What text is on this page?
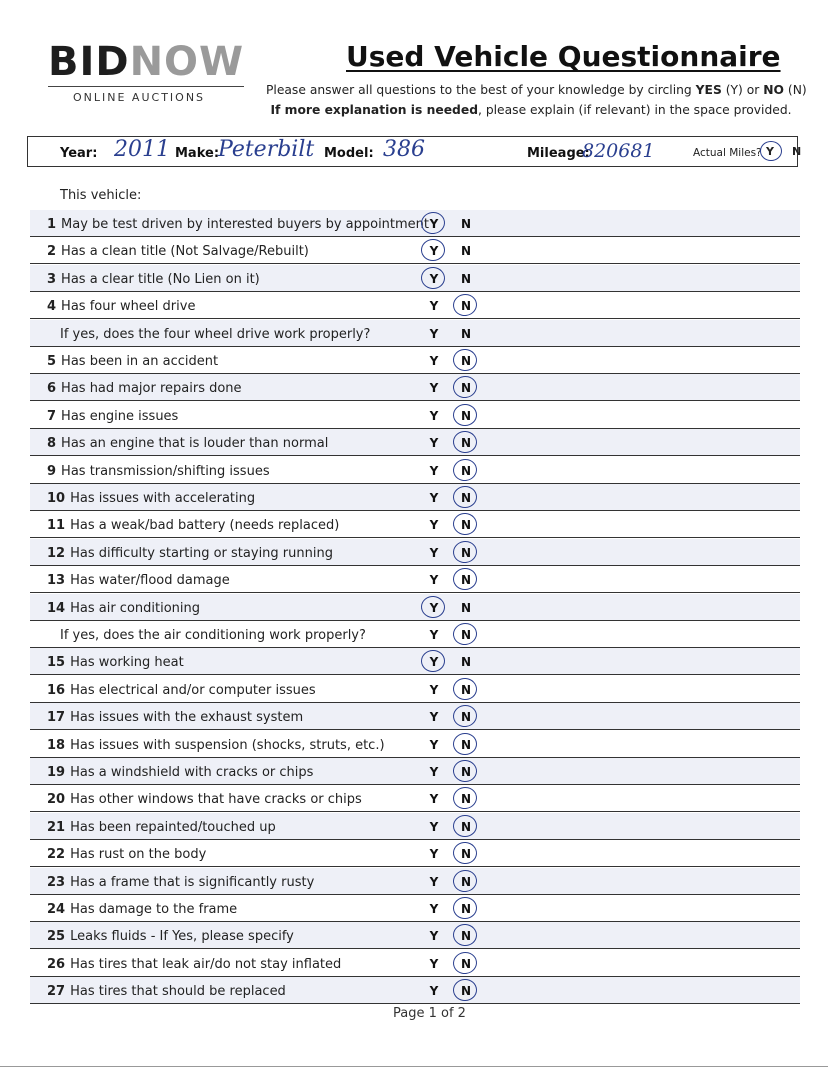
BIDNOW
ONLINE AUCTIONS
Used Vehicle Questionnaire
Please answer all questions to the best of your knowledge by circling YES (Y) or NO (N)
If more explanation is needed, please explain (if relevant) in the space provided.
Year: 2011 Make:
Peterbilt Model: 386	Mileage:
820681	Actual Miles? Y N
This vehicle:
1 May be test driven by interested buyers by appointment Y N
2 Has a clean title (Not Salvage/Rebuilt)	Y N
3 Has a clear title (No Lien on it)	Y N
4 Has four wheel drive	Y N
If yes, does the four wheel drive work properly?	Y N
5 Has been in an accident	Y N
6 Has had major repairs done	Y N
7 Has engine issues	Y N
8 Has an engine that is louder than normal	Y N
9 Has transmission/shifting issues	Y N
10 Has issues with accelerating	Y N
11 Has a weak/bad battery (needs replaced)	Y N
12 Has difficulty starting or staying running	Y N
13 Has water/flood damage	Y N
14 Has air conditioning	Y N
If yes, does the air conditioning work properly?	Y N
15 Has working heat	Y N
16 Has electrical and/or computer issues	Y N
17 Has issues with the exhaust system	Y N
18 Has issues with suspension (shocks, struts, etc.)	Y N
19 Has a windshield with cracks or chips	Y N
20 Has other windows that have cracks or chips	Y N
21 Has been repainted/touched up	Y N
22 Has rust on the body	Y N
23 Has a frame that is significantly rusty	Y N
24 Has damage to the frame	Y N
25 Leaks fluids - If Yes, please specify	Y N
26 Has tires that leak air/do not stay inflated	Y N
27 Has tires that should be replaced	Y N
Page 1 of 2
